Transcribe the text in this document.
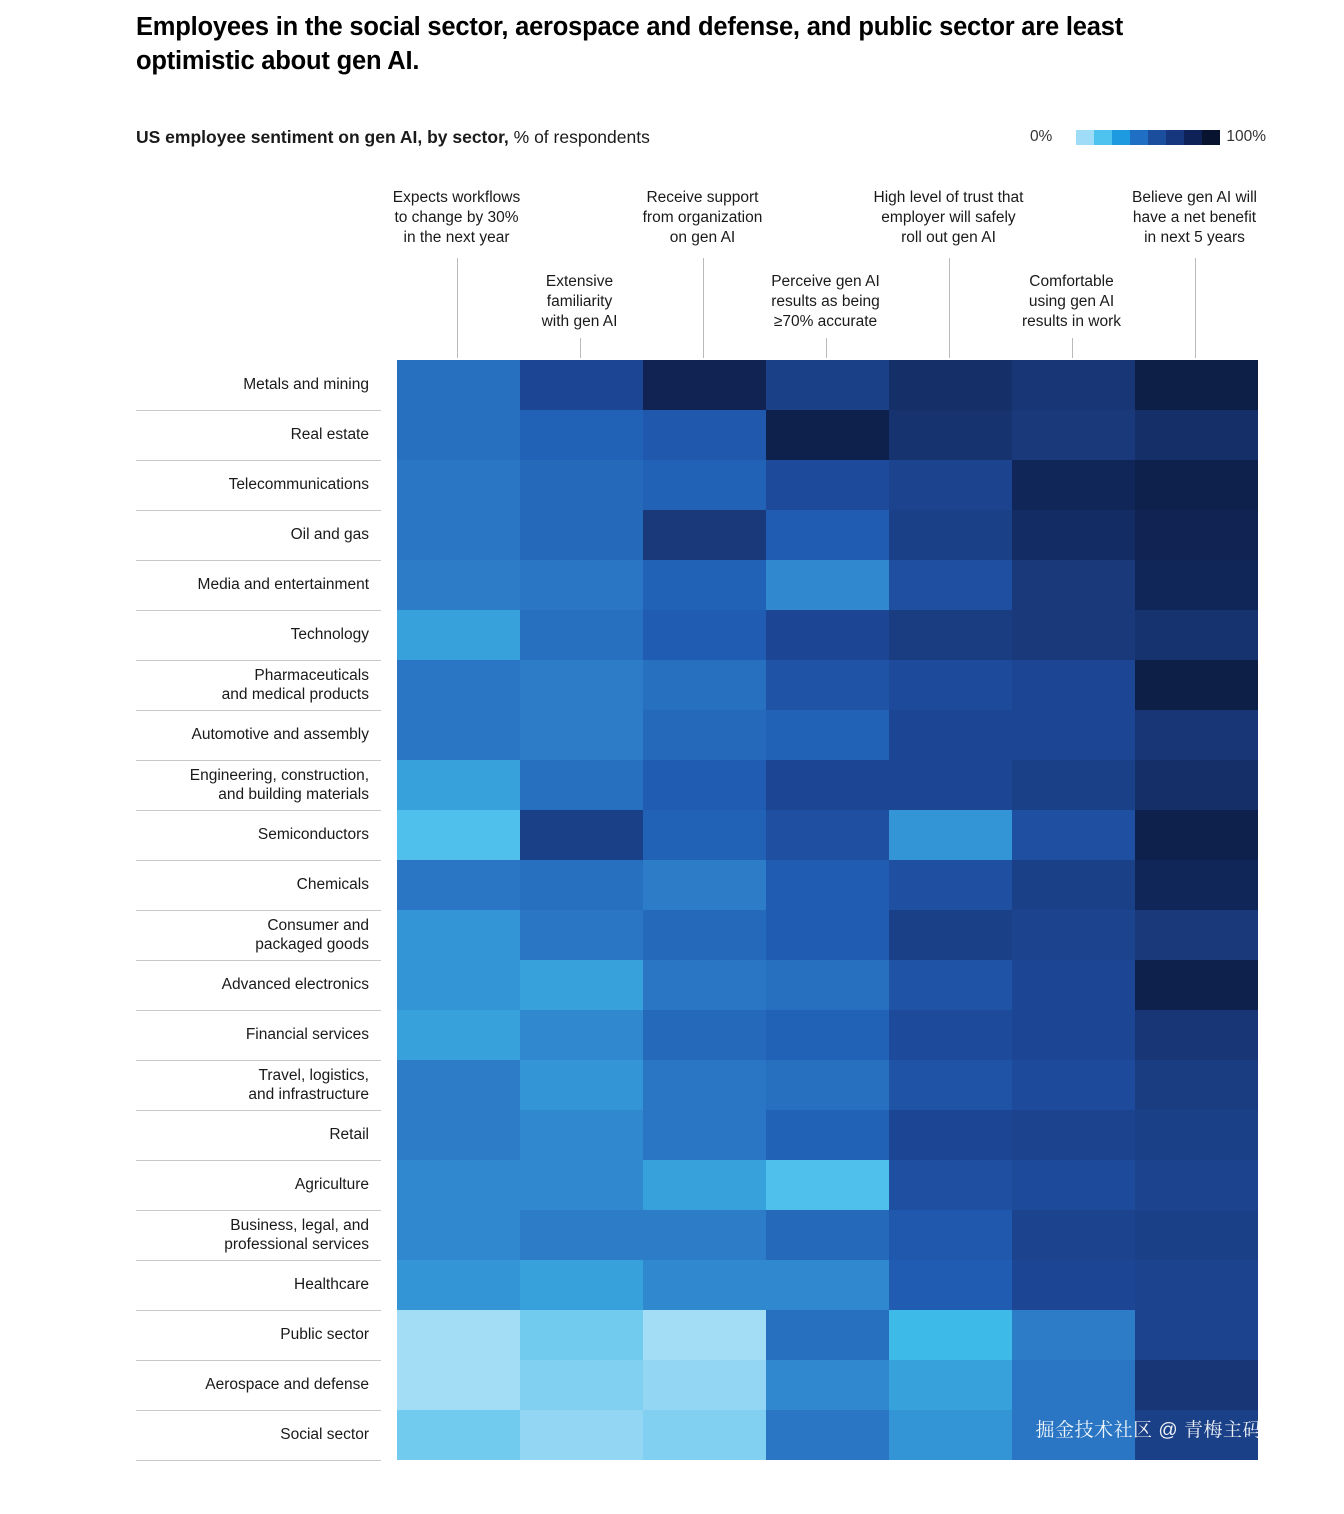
Employees in the social sector, aerospace and defense, and public sector are least optimistic about gen AI.
US employee sentiment on gen AI, by sector, % of respondents	0%	100%
Expects workflows
to change by 30%
in the next year
Receive support
from organization
on gen AI
High level of trust that
employer will safely
roll out gen AI
Believe gen AI will
have a net benefit
in next 5 years
Extensive
familiarity
with gen AI
Perceive gen AI
results as being
≥70% accurate
Comfortable
using gen AI
results in work
Metals and mining								

Real estate								

Telecommunications								

Oil and gas								

Media and entertainment								

Technology								

Pharmaceuticals
and medical products								

Automotive and assembly								

Engineering, construction,
and building materials								

Semiconductors								

Chemicals								

Consumer and
packaged goods								

Advanced electronics								

Financial services								

Travel, logistics,
and infrastructure								

Retail								

Agriculture								

Business, legal, and
professional services								

Healthcare								

Public sector								

Aerospace and defense								

Social sector								
									掘金技术社区 @ 青梅主码
